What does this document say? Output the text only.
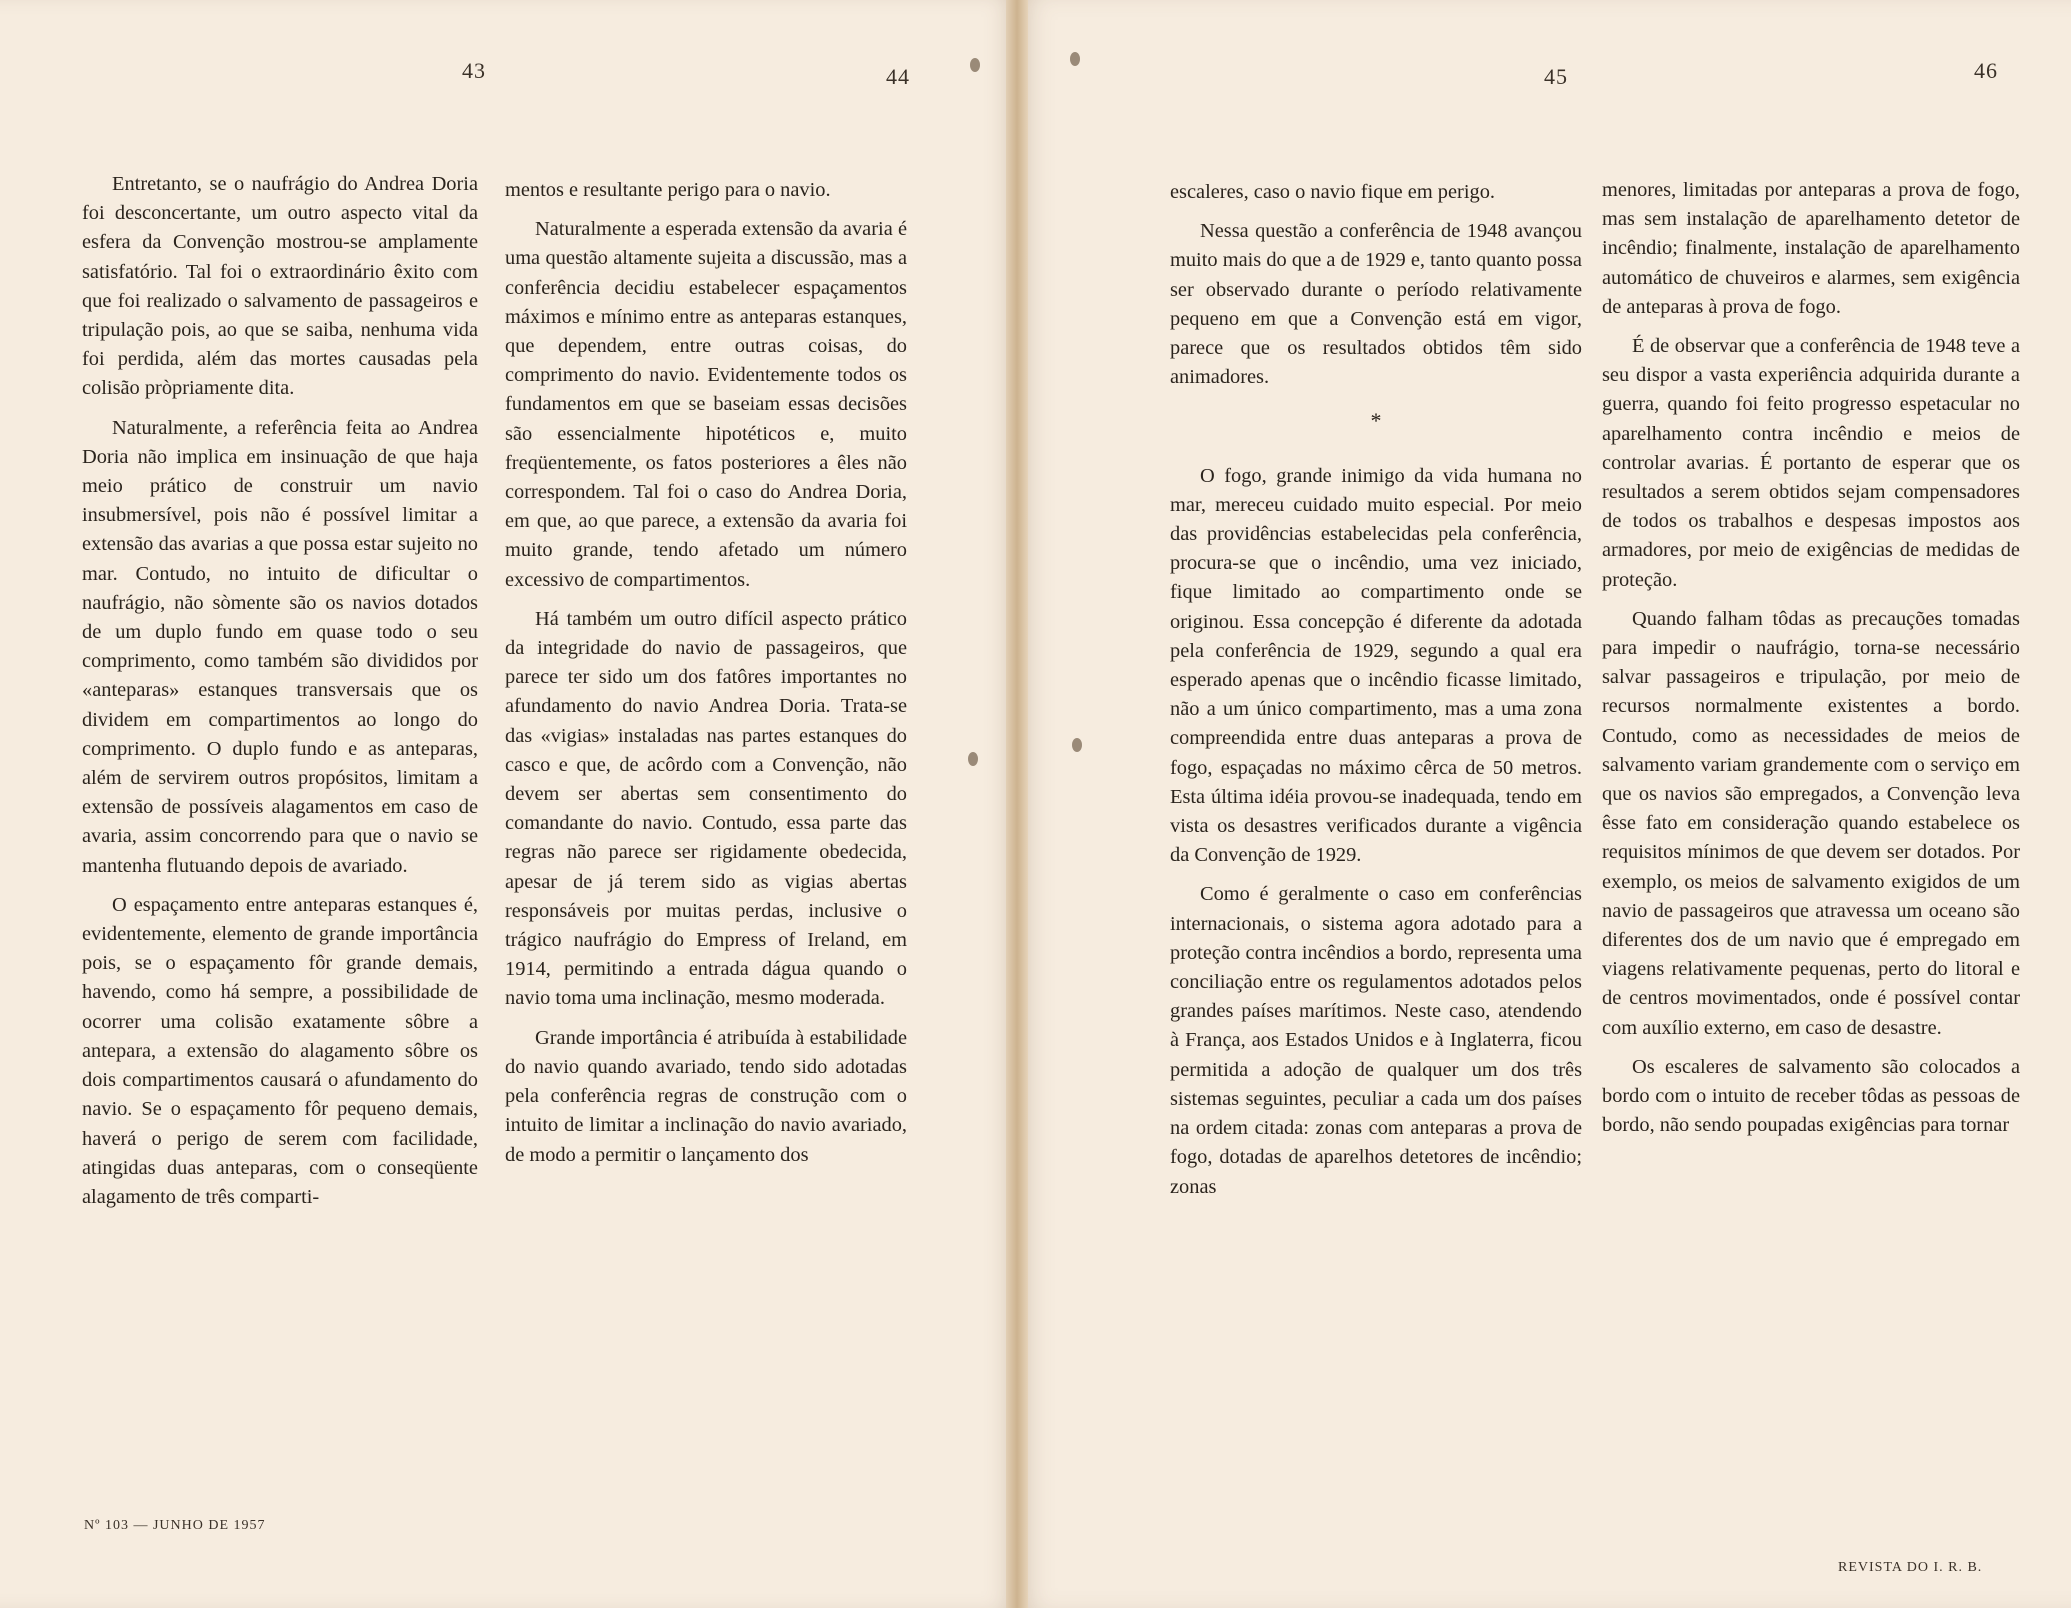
43	44	45	46

Entretanto, se o naufrágio do Andrea Doria foi desconcertante, um outro aspecto vital da esfera da Convenção mostrou-se amplamente satisfatório. Tal foi o extraordinário êxito com que foi realizado o salvamento de passageiros e tripulação pois, ao que se saiba, nenhuma vida foi perdida, além das mortes causadas pela colisão pròpriamente dita.

Naturalmente, a referência feita ao Andrea Doria não implica em insinuação de que haja meio prático de construir um navio insubmersível, pois não é possível limitar a extensão das avarias a que possa estar sujeito no mar. Contudo, no intuito de dificultar o naufrágio, não sòmente são os navios dotados de um duplo fundo em quase todo o seu comprimento, como também são divididos por «anteparas» estanques transversais que os dividem em compartimentos ao longo do comprimento. O duplo fundo e as anteparas, além de servirem outros propósitos, limitam a extensão de possíveis alagamentos em caso de avaria, assim concorrendo para que o navio se mantenha flutuando depois de avariado.

O espaçamento entre anteparas estanques é, evidentemente, elemento de grande importância pois, se o espaçamento fôr grande demais, havendo, como há sempre, a possibilidade de ocorrer uma colisão exatamente sôbre a antepara, a extensão do alagamento sôbre os dois compartimentos causará o afundamento do navio. Se o espaçamento fôr pequeno demais, haverá o perigo de serem com facilidade, atingidas duas anteparas, com o conseqüente alagamento de três comparti-

mentos e resultante perigo para o navio.

Naturalmente a esperada extensão da avaria é uma questão altamente sujeita a discussão, mas a conferência decidiu estabelecer espaçamentos máximos e mínimo entre as anteparas estanques, que dependem, entre outras coisas, do comprimento do navio. Evidentemente todos os fundamentos em que se baseiam essas decisões são essencialmente hipotéticos e, muito freqüentemente, os fatos posteriores a êles não correspondem. Tal foi o caso do Andrea Doria, em que, ao que parece, a extensão da avaria foi muito grande, tendo afetado um número excessivo de compartimentos.

Há também um outro difícil aspecto prático da integridade do navio de passageiros, que parece ter sido um dos fatôres importantes no afundamento do navio Andrea Doria. Trata-se das «vigias» instaladas nas partes estanques do casco e que, de acôrdo com a Convenção, não devem ser abertas sem consentimento do comandante do navio. Contudo, essa parte das regras não parece ser rigidamente obedecida, apesar de já terem sido as vigias abertas responsáveis por muitas perdas, inclusive o trágico naufrágio do Empress of Ireland, em 1914, permitindo a entrada dágua quando o navio toma uma inclinação, mesmo moderada.

Grande importância é atribuída à estabilidade do navio quando avariado, tendo sido adotadas pela conferência regras de construção com o intuito de limitar a inclinação do navio avariado, de modo a permitir o lançamento dos

escaleres, caso o navio fique em perigo.

Nessa questão a conferência de 1948 avançou muito mais do que a de 1929 e, tanto quanto possa ser observado durante o período relativamente pequeno em que a Convenção está em vigor, parece que os resultados obtidos têm sido animadores.

*

O fogo, grande inimigo da vida humana no mar, mereceu cuidado muito especial. Por meio das providências estabelecidas pela conferência, procura-se que o incêndio, uma vez iniciado, fique limitado ao compartimento onde se originou. Essa concepção é diferente da adotada pela conferência de 1929, segundo a qual era esperado apenas que o incêndio ficasse limitado, não a um único compartimento, mas a uma zona compreendida entre duas anteparas a prova de fogo, espaçadas no máximo cêrca de 50 metros. Esta última idéia provou-se inadequada, tendo em vista os desastres verificados durante a vigência da Convenção de 1929.

Como é geralmente o caso em conferências internacionais, o sistema agora adotado para a proteção contra incêndios a bordo, representa uma conciliação entre os regulamentos adotados pelos grandes países marítimos. Neste caso, atendendo à França, aos Estados Unidos e à Inglaterra, ficou permitida a adoção de qualquer um dos três sistemas seguintes, peculiar a cada um dos países na ordem citada: zonas com anteparas a prova de fogo, dotadas de aparelhos detetores de incêndio; zonas

menores, limitadas por anteparas a prova de fogo, mas sem instalação de aparelhamento detetor de incêndio; finalmente, instalação de aparelhamento automático de chuveiros e alarmes, sem exigência de anteparas à prova de fogo.

É de observar que a conferência de 1948 teve a seu dispor a vasta experiência adquirida durante a guerra, quando foi feito progresso espetacular no aparelhamento contra incêndio e meios de controlar avarias. É portanto de esperar que os resultados a serem obtidos sejam compensadores de todos os trabalhos e despesas impostos aos armadores, por meio de exigências de medidas de proteção.

Quando falham tôdas as precauções tomadas para impedir o naufrágio, torna-se necessário salvar passageiros e tripulação, por meio de recursos normalmente existentes a bordo. Contudo, como as necessidades de meios de salvamento variam grandemente com o serviço em que os navios são empregados, a Convenção leva êsse fato em consideração quando estabelece os requisitos mínimos de que devem ser dotados. Por exemplo, os meios de salvamento exigidos de um navio de passageiros que atravessa um oceano são diferentes dos de um navio que é empregado em viagens relativamente pequenas, perto do litoral e de centros movimentados, onde é possível contar com auxílio externo, em caso de desastre.

Os escaleres de salvamento são colocados a bordo com o intuito de receber tôdas as pessoas de bordo, não sendo poupadas exigências para tornar

Nº 103 — JUNHO DE 1957
REVISTA DO I. R. B.
